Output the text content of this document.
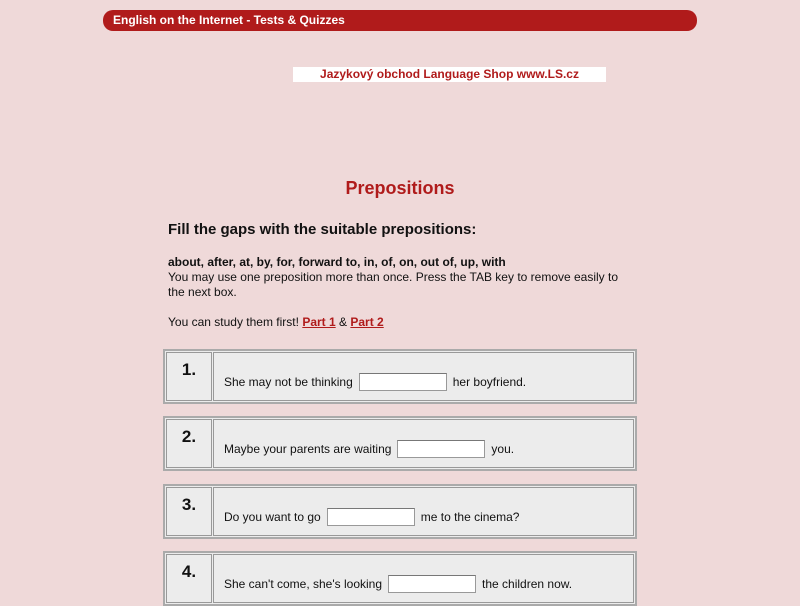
English on the Internet - Tests & Quizzes
Jazykový obchod Language Shop www.LS.cz
Prepositions
Fill the gaps with the suitable prepositions:
about, after, at, by, for, forward to, in, of, on, out of, up, with
You may use one preposition more than once. Press the TAB key to remove easily to the next box.
You can study them first! Part 1 & Part 2
1.
She may not be thinking	her boyfriend.
2.
Maybe your parents are waiting	you.
3.
Do you want to go	me to the cinema?
4.
She can't come, she's looking	the children now.
